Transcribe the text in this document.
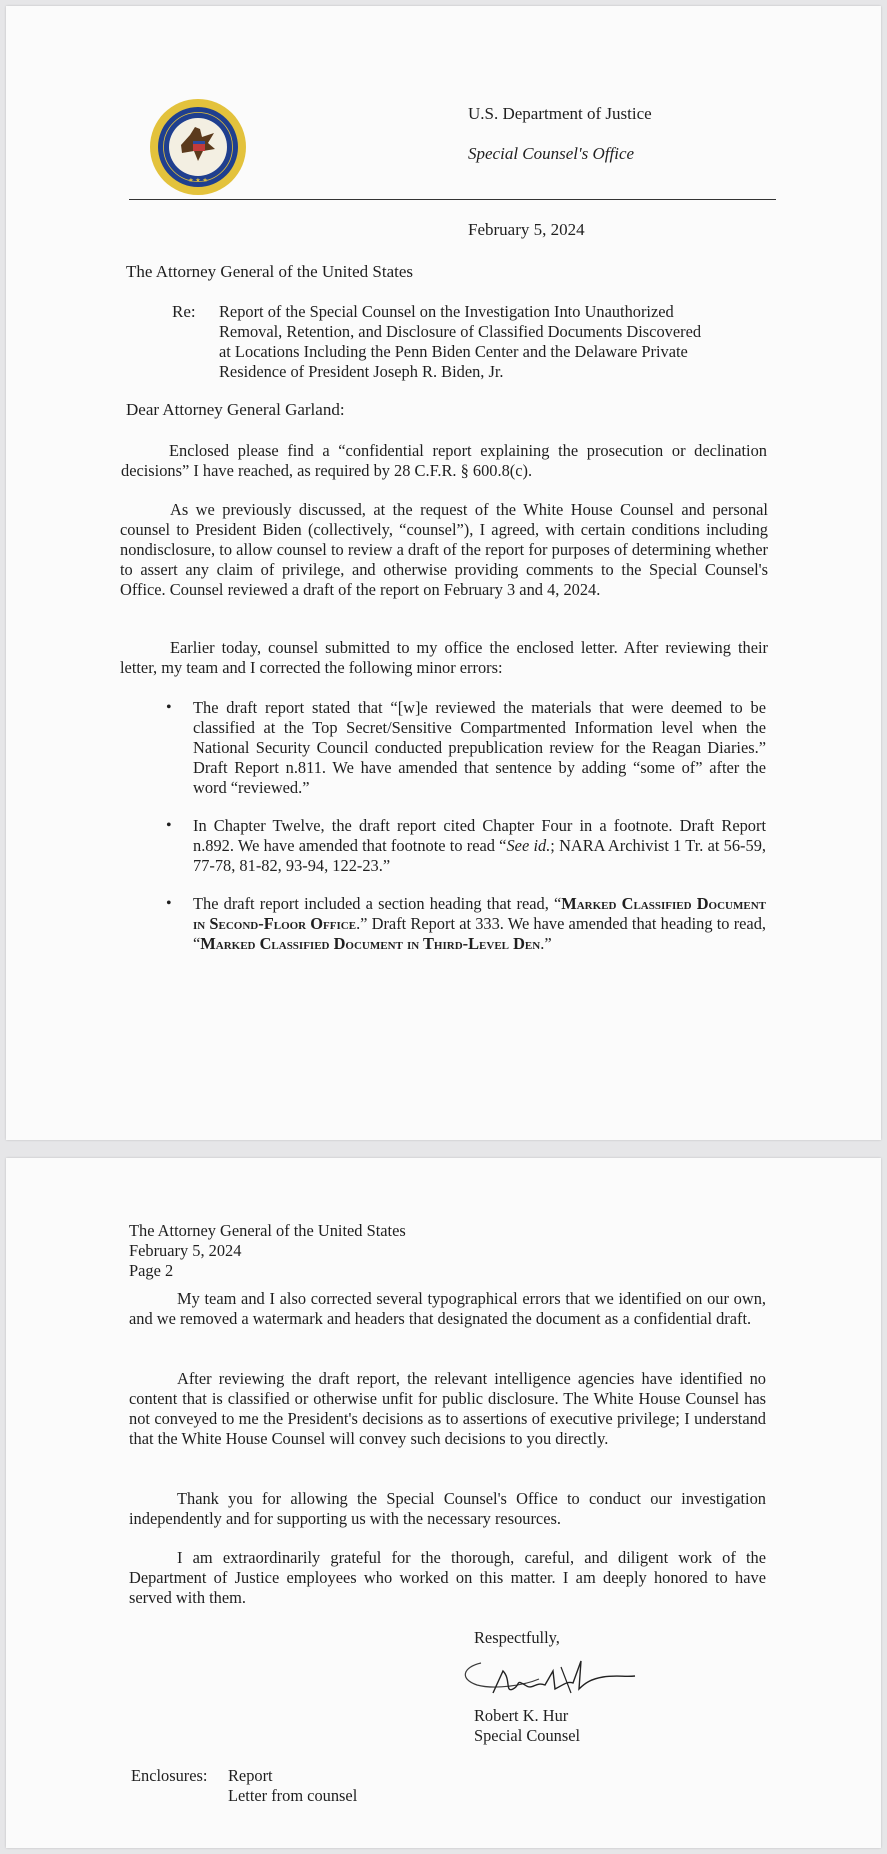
★ ★ ★
U.S. Department of Justice
Special Counsel's Office
February 5, 2024
The Attorney General of the United States
Re: Report of the Special Counsel on the Investigation Into Unauthorized
Removal, Retention, and Disclosure of Classified Documents Discovered
at Locations Including the Penn Biden Center and the Delaware Private
Residence of President Joseph R. Biden, Jr.
Dear Attorney General Garland:
Enclosed please find a “confidential report explaining the prosecution or declination decisions” I have reached, as required by 28 C.F.R. § 600.8(c).
As we previously discussed, at the request of the White House Counsel and personal counsel to President Biden (collectively, “counsel”), I agreed, with certain conditions including nondisclosure, to allow counsel to review a draft of the report for purposes of determining whether to assert any claim of privilege, and otherwise providing comments to the Special Counsel's Office. Counsel reviewed a draft of the report on February 3 and 4, 2024.
Earlier today, counsel submitted to my office the enclosed letter. After reviewing their letter, my team and I corrected the following minor errors:
• The draft report stated that “[w]e reviewed the materials that were deemed to be classified at the Top Secret/Sensitive Compartmented Information level when the National Security Council conducted prepublication review for the Reagan Diaries.” Draft Report n.811. We have amended that sentence by adding “some of” after the word “reviewed.”
• In Chapter Twelve, the draft report cited Chapter Four in a footnote. Draft Report n.892. We have amended that footnote to read “See id.; NARA Archivist 1 Tr. at 56-59, 77-78, 81-82, 93-94, 122-23.”
• The draft report included a section heading that read, “Marked Classified Document in Second-Floor Office.” Draft Report at 333. We have amended that heading to read, “Marked Classified Document in Third-Level Den.”
The Attorney General of the United States
February 5, 2024
Page 2
My team and I also corrected several typographical errors that we identified on our own, and we removed a watermark and headers that designated the document as a confidential draft.
After reviewing the draft report, the relevant intelligence agencies have identified no content that is classified or otherwise unfit for public disclosure. The White House Counsel has not conveyed to me the President's decisions as to assertions of executive privilege; I understand that the White House Counsel will convey such decisions to you directly.
Thank you for allowing the Special Counsel's Office to conduct our investigation independently and for supporting us with the necessary resources.
I am extraordinarily grateful for the thorough, careful, and diligent work of the Department of Justice employees who worked on this matter. I am deeply honored to have served with them.
Respectfully,
Robert K. Hur
Special Counsel
Enclosures: Report
Letter from counsel
